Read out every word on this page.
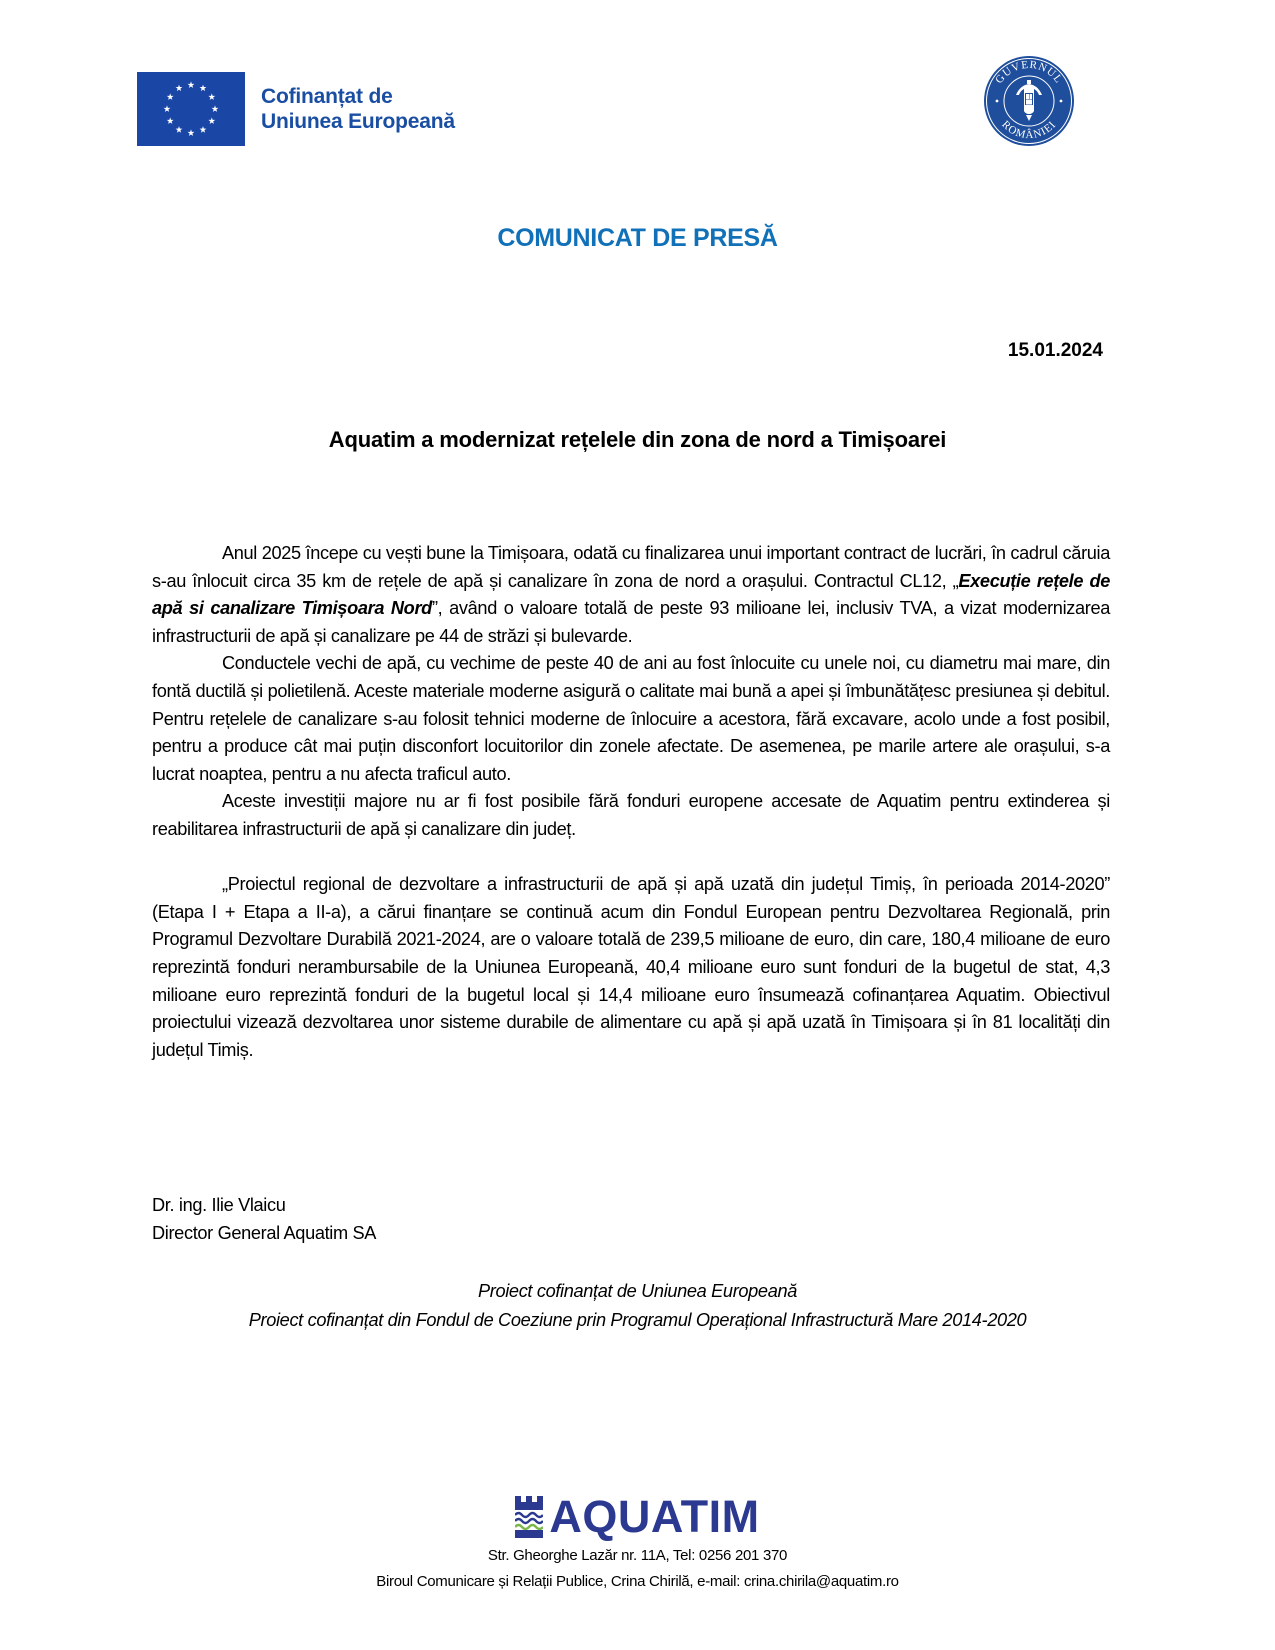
Cofinanțat de
Uniunea Europeană
GUVERNUL
ROMÂNIEI
COMUNICAT DE PRESĂ
15.01.2024
Aquatim a modernizat rețelele din zona de nord a Timișoarei

Anul 2025 începe cu vești bune la Timișoara, odată cu finalizarea unui important contract de lucrări, în cadrul căruia s-au înlocuit circa 35 km de rețele de apă și canalizare în zona de nord a orașului. Contractul CL12, „Execuție rețele de apă si canalizare Timișoara Nord”, având o valoare totală de peste 93 milioane lei, inclusiv TVA, a vizat modernizarea infrastructurii de apă și canalizare pe 44 de străzi și bulevarde.

Conductele vechi de apă, cu vechime de peste 40 de ani au fost înlocuite cu unele noi, cu diametru mai mare, din fontă ductilă și polietilenă. Aceste materiale moderne asigură o calitate mai bună a apei și îmbunătățesc presiunea și debitul. Pentru rețelele de canalizare s-au folosit tehnici moderne de înlocuire a acestora, fără excavare, acolo unde a fost posibil, pentru a produce cât mai puțin disconfort locuitorilor din zonele afectate. De asemenea, pe marile artere ale orașului, s-a lucrat noaptea, pentru a nu afecta traficul auto.

Aceste investiții majore nu ar fi fost posibile fără fonduri europene accesate de Aquatim pentru extinderea și reabilitarea infrastructurii de apă și canalizare din județ.

„Proiectul regional de dezvoltare a infrastructurii de apă și apă uzată din județul Timiș, în perioada 2014-2020” (Etapa I + Etapa a II-a), a cărui finanțare se continuă acum din Fondul European pentru Dezvoltarea Regională, prin Programul Dezvoltare Durabilă 2021-2024, are o valoare totală de 239,5 milioane de euro, din care, 180,4 milioane de euro reprezintă fonduri nerambursabile de la Uniunea Europeană, 40,4 milioane euro sunt fonduri de la bugetul de stat, 4,3 milioane euro reprezintă fonduri de la bugetul local și 14,4 milioane euro însumează cofinanțarea Aquatim. Obiectivul proiectului vizează dezvoltarea unor sisteme durabile de alimentare cu apă și apă uzată în Timișoara și în 81 localități din județul Timiș.

Dr. ing. Ilie Vlaicu
Director General Aquatim SA
Proiect cofinanțat de Uniunea Europeană
Proiect cofinanțat din Fondul de Coeziune prin Programul Operațional Infrastructură Mare 2014-2020
AQUATIM
Str. Gheorghe Lazăr nr. 11A, Tel: 0256 201 370
Biroul Comunicare și Relații Publice, Crina Chirilă, e-mail: crina.chirila@aquatim.ro
